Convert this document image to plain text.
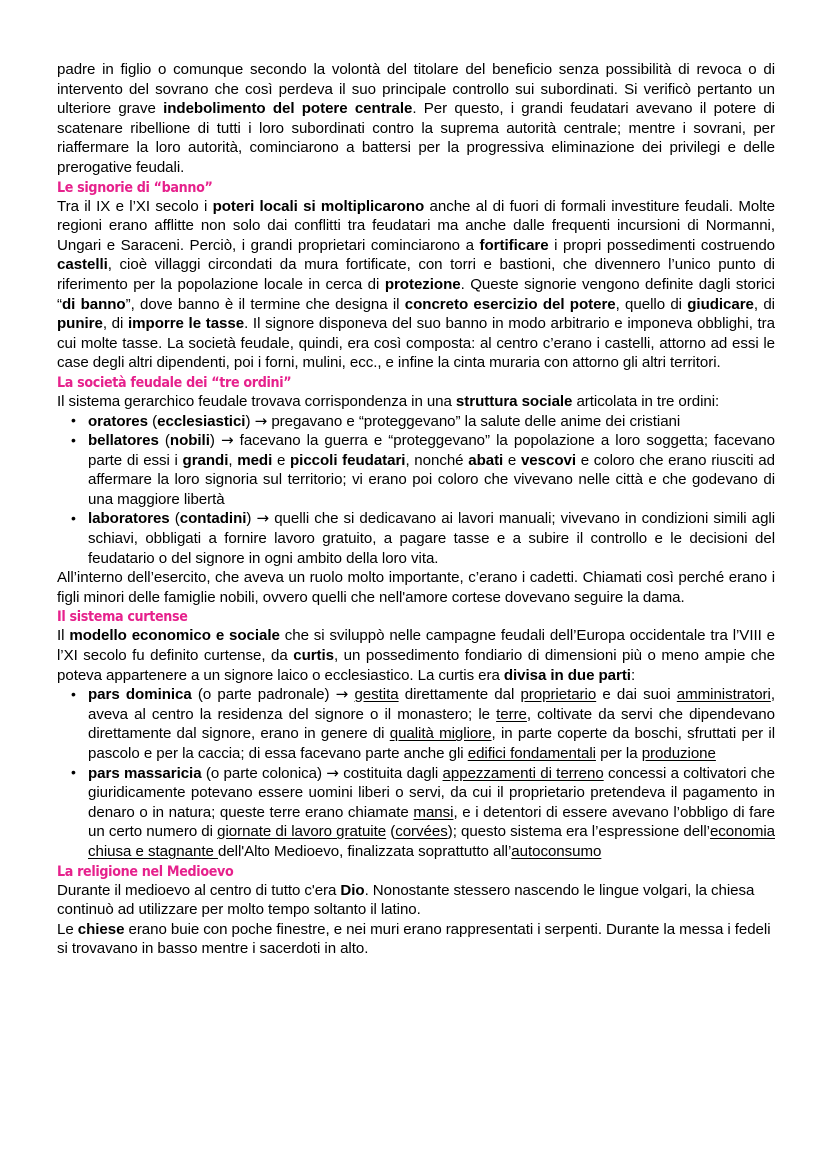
padre in figlio o comunque secondo la volontà del titolare del beneficio senza possibilità di revoca o di intervento del sovrano che così perdeva il suo principale controllo sui subordinati. Si verificò pertanto un ulteriore grave indebolimento del potere centrale. Per questo, i grandi feudatari avevano il potere di scatenare ribellione di tutti i loro subordinati contro la suprema autorità centrale; mentre i sovrani, per riaffermare la loro autorità, cominciarono a battersi per la progressiva eliminazione dei privilegi e delle prerogative feudali.

Le signorie di “banno”

Tra il IX e l’XI secolo i poteri locali si moltiplicarono anche al di fuori di formali investiture feudali. Molte regioni erano afflitte non solo dai conflitti tra feudatari ma anche dalle frequenti incursioni di Normanni, Ungari e Saraceni. Perciò, i grandi proprietari cominciarono a fortificare i propri possedimenti costruendo castelli, cioè villaggi circondati da mura fortificate, con torri e bastioni, che divennero l’unico punto di riferimento per la popolazione locale in cerca di protezione. Queste signorie vengono definite dagli storici “di banno”, dove banno è il termine che designa il concreto esercizio del potere, quello di giudicare, di punire, di imporre le tasse. Il signore disponeva del suo banno in modo arbitrario e imponeva obblighi, tra cui molte tasse. La società feudale, quindi, era così composta: al centro c’erano i castelli, attorno ad essi le case degli altri dipendenti, poi i forni, mulini, ecc., e infine la cinta muraria con attorno gli altri territori.

La società feudale dei “tre ordini”

Il sistema gerarchico feudale trovava corrispondenza in una struttura sociale articolata in tre ordini:

• oratores (ecclesiastici) → pregavano e “proteggevano” la salute delle anime dei cristiani
• bellatores (nobili) → facevano la guerra e “proteggevano” la popolazione a loro soggetta; facevano parte di essi i grandi, medi e piccoli feudatari, nonché abati e vescovi e coloro che erano riusciti ad affermare la loro signoria sul territorio; vi erano poi coloro che vivevano nelle città e che godevano di una maggiore libertà
• laboratores (contadini) → quelli che si dedicavano ai lavori manuali; vivevano in condizioni simili agli schiavi, obbligati a fornire lavoro gratuito, a pagare tasse e a subire il controllo e le decisioni del feudatario o del signore in ogni ambito della loro vita.

All’interno dell’esercito, che aveva un ruolo molto importante, c’erano i cadetti. Chiamati così perché erano i figli minori delle famiglie nobili, ovvero quelli che nell'amore cortese dovevano seguire la dama.

Il sistema curtense

Il modello economico e sociale che si sviluppò nelle campagne feudali dell’Europa occidentale tra l’VIII e l’XI secolo fu definito curtense, da curtis, un possedimento fondiario di dimensioni più o meno ampie che poteva appartenere a un signore laico o ecclesiastico. La curtis era divisa in due parti:

• pars dominica (o parte padronale) → gestita direttamente dal proprietario e dai suoi amministratori, aveva al centro la residenza del signore o il monastero; le terre, coltivate da servi che dipendevano direttamente dal signore, erano in genere di qualità migliore, in parte coperte da boschi, sfruttati per il pascolo e per la caccia; di essa facevano parte anche gli edifici fondamentali per la produzione
• pars massaricia (o parte colonica) → costituita dagli appezzamenti di terreno concessi a coltivatori che giuridicamente potevano essere uomini liberi o servi, da cui il proprietario pretendeva il pagamento in denaro o in natura; queste terre erano chiamate mansi, e i detentori di essere avevano l’obbligo di fare un certo numero di giornate di lavoro gratuite (corvées); questo sistema era l’espressione dell’economia chiusa e stagnante dell'Alto Medioevo, finalizzata soprattutto all’autoconsumo
La religione nel Medioevo

Durante il medioevo al centro di tutto c'era Dio. Nonostante stessero nascendo le lingue volgari, la chiesa continuò ad utilizzare per molto tempo soltanto il latino.

Le chiese erano buie con poche finestre, e nei muri erano rappresentati i serpenti. Durante la messa i fedeli si trovavano in basso mentre i sacerdoti in alto.
